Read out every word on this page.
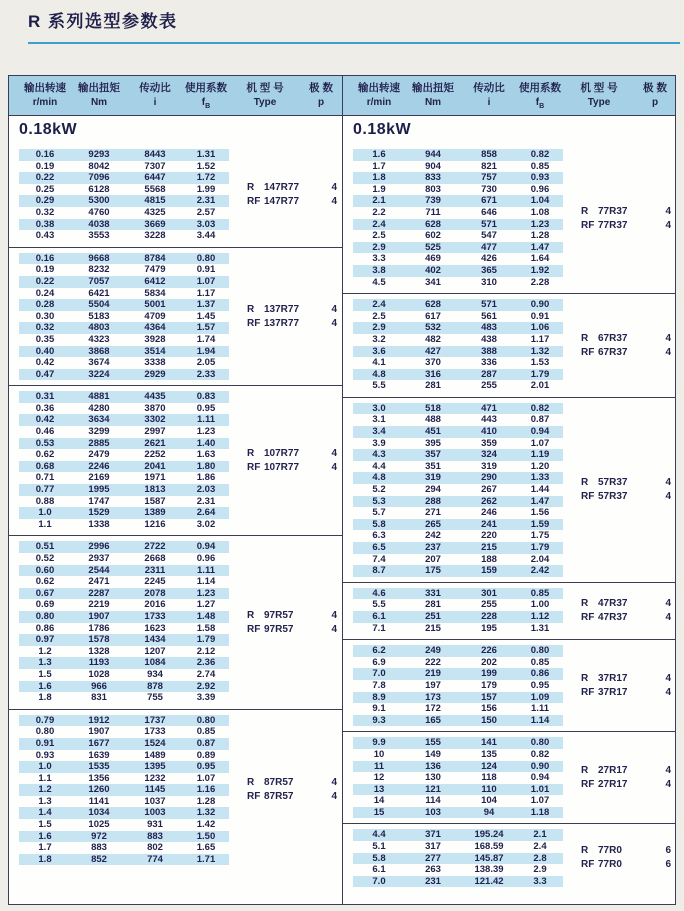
R 系列选型参数表
输出转速
r/min
输出扭矩
Nm
传动比
i
使用系数
$f_B$
机 型 号
Type
极 数
p
0.18kW
0.16	9293	8443	1.31
0.19	8042	7307	1.52
0.22	7096	6447	1.72
0.25	6128	5568	1.99
0.29	5300	4815	2.31
0.32	4760	4325	2.57
0.38	4038	3669	3.03
0.43	3553	3228	3.44
R 147R77	4
RF 147R77	4
0.16	9668	8784	0.80
0.19	8232	7479	0.91
0.22	7057	6412	1.07
0.24	6421	5834	1.17
0.28	5504	5001	1.37
0.30	5183	4709	1.45
0.32	4803	4364	1.57
0.35	4323	3928	1.74
0.40	3868	3514	1.94
0.42	3674	3338	2.05
0.47	3224	2929	2.33
R 137R77	4
RF 137R77	4
0.31	4881	4435	0.83
0.36	4280	3870	0.95
0.42	3634	3302	1.11
0.46	3299	2997	1.23
0.53	2885	2621	1.40
0.62	2479	2252	1.63
0.68	2246	2041	1.80
0.71	2169	1971	1.86
0.77	1995	1813	2.03
0.88	1747	1587	2.31
1.0	1529	1389	2.64
1.1	1338	1216	3.02
R 107R77	4
RF 107R77	4
0.51	2996	2722	0.94
0.52	2937	2668	0.96
0.60	2544	2311	1.11
0.62	2471	2245	1.14
0.67	2287	2078	1.23
0.69	2219	2016	1.27
0.80	1907	1733	1.48
0.86	1786	1623	1.58
0.97	1578	1434	1.79
1.2	1328	1207	2.12
1.3	1193	1084	2.36
1.5	1028	934	2.74
1.6	966	878	2.92
1.8	831	755	3.39
R 97R57	4
RF 97R57	4
0.79	1912	1737	0.80
0.80	1907	1733	0.85
0.91	1677	1524	0.87
0.93	1639	1489	0.89
1.0	1535	1395	0.95
1.1	1356	1232	1.07
1.2	1260	1145	1.16
1.3	1141	1037	1.28
1.4	1034	1003	1.32
1.5	1025	931	1.42
1.6	972	883	1.50
1.7	883	802	1.65
1.8	852	774	1.71
R 87R57	4
RF 87R57	4
输出转速
r/min
输出扭矩
Nm
传动比
i
使用系数
$f_B$
机 型 号
Type
极 数
p
0.18kW
1.6	944	858	0.82
1.7	904	821	0.85
1.8	833	757	0.93
1.9	803	730	0.96
2.1	739	671	1.04
2.2	711	646	1.08
2.4	628	571	1.23
2.5	602	547	1.28
2.9	525	477	1.47
3.3	469	426	1.64
3.8	402	365	1.92
4.5	341	310	2.28
R 77R37	4
RF 77R37	4
2.4	628	571	0.90
2.5	617	561	0.91
2.9	532	483	1.06
3.2	482	438	1.17
3.6	427	388	1.32
4.1	370	336	1.53
4.8	316	287	1.79
5.5	281	255	2.01
R 67R37	4
RF 67R37	4
3.0	518	471	0.82
3.1	488	443	0.87
3.4	451	410	0.94
3.9	395	359	1.07
4.3	357	324	1.19
4.4	351	319	1.20
4.8	319	290	1.33
5.2	294	267	1.44
5.3	288	262	1.47
5.7	271	246	1.56
5.8	265	241	1.59
6.3	242	220	1.75
6.5	237	215	1.79
7.4	207	188	2.04
8.7	175	159	2.42
R 57R37	4
RF 57R37	4
4.6	331	301	0.85
5.5	281	255	1.00
6.1	251	228	1.12
7.1	215	195	1.31
R 47R37	4
RF 47R37	4
6.2	249	226	0.80
6.9	222	202	0.85
7.0	219	199	0.86
7.8	197	179	0.95
8.9	173	157	1.09
9.1	172	156	1.11
9.3	165	150	1.14
R 37R17	4
RF 37R17	4
9.9	155	141	0.80
10	149	135	0.82
11	136	124	0.90
12	130	118	0.94
13	121	110	1.01
14	114	104	1.07
15	103	94	1.18
R 27R17	4
RF 27R17	4
4.4	371	195.24	2.1
5.1	317	168.59	2.4
5.8	277	145.87	2.8
6.1	263	138.39	2.9
7.0	231	121.42	3.3
R 77R0	6
RF 77R0	6
